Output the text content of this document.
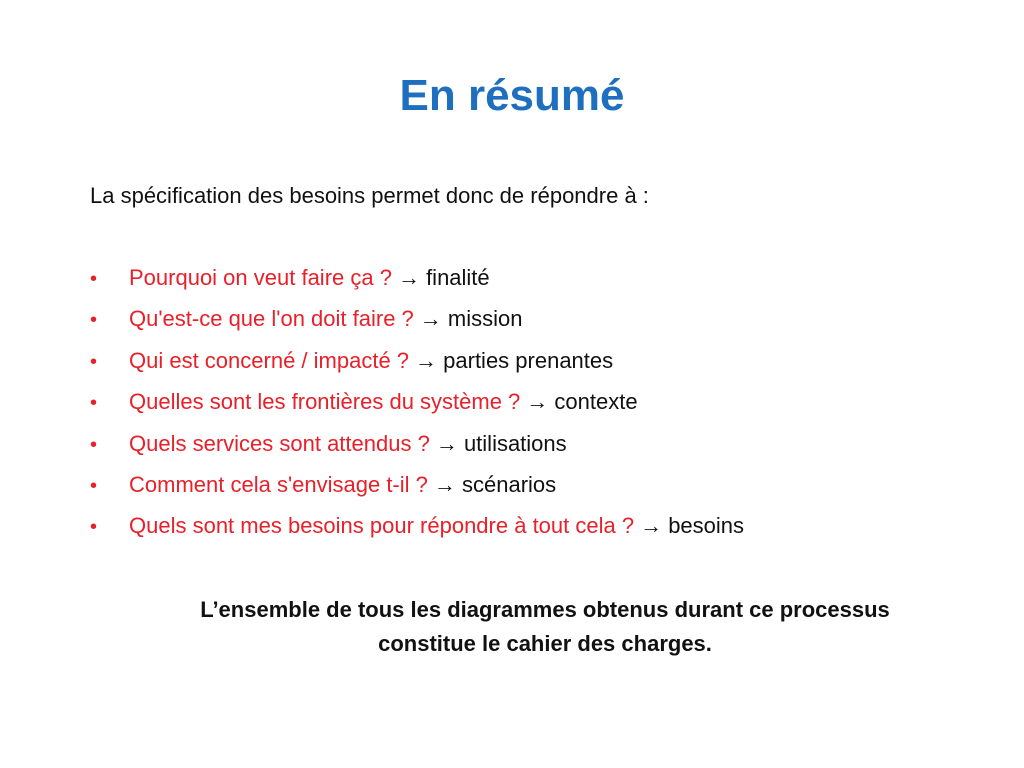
En résumé
La spécification des besoins permet donc de répondre à :
•	Pourquoi on veut faire ça ? → finalité
•	Qu'est-ce que l'on doit faire ? → mission
•	Qui est concerné / impacté ? → parties prenantes
•	Quelles sont les frontières du système ? → contexte
•	Quels services sont attendus ? → utilisations
•	Comment cela s'envisage t-il ? → scénarios
•	Quels sont mes besoins pour répondre à tout cela ? → besoins
L’ensemble de tous les diagrammes obtenus durant ce processus
constitue le cahier des charges.
